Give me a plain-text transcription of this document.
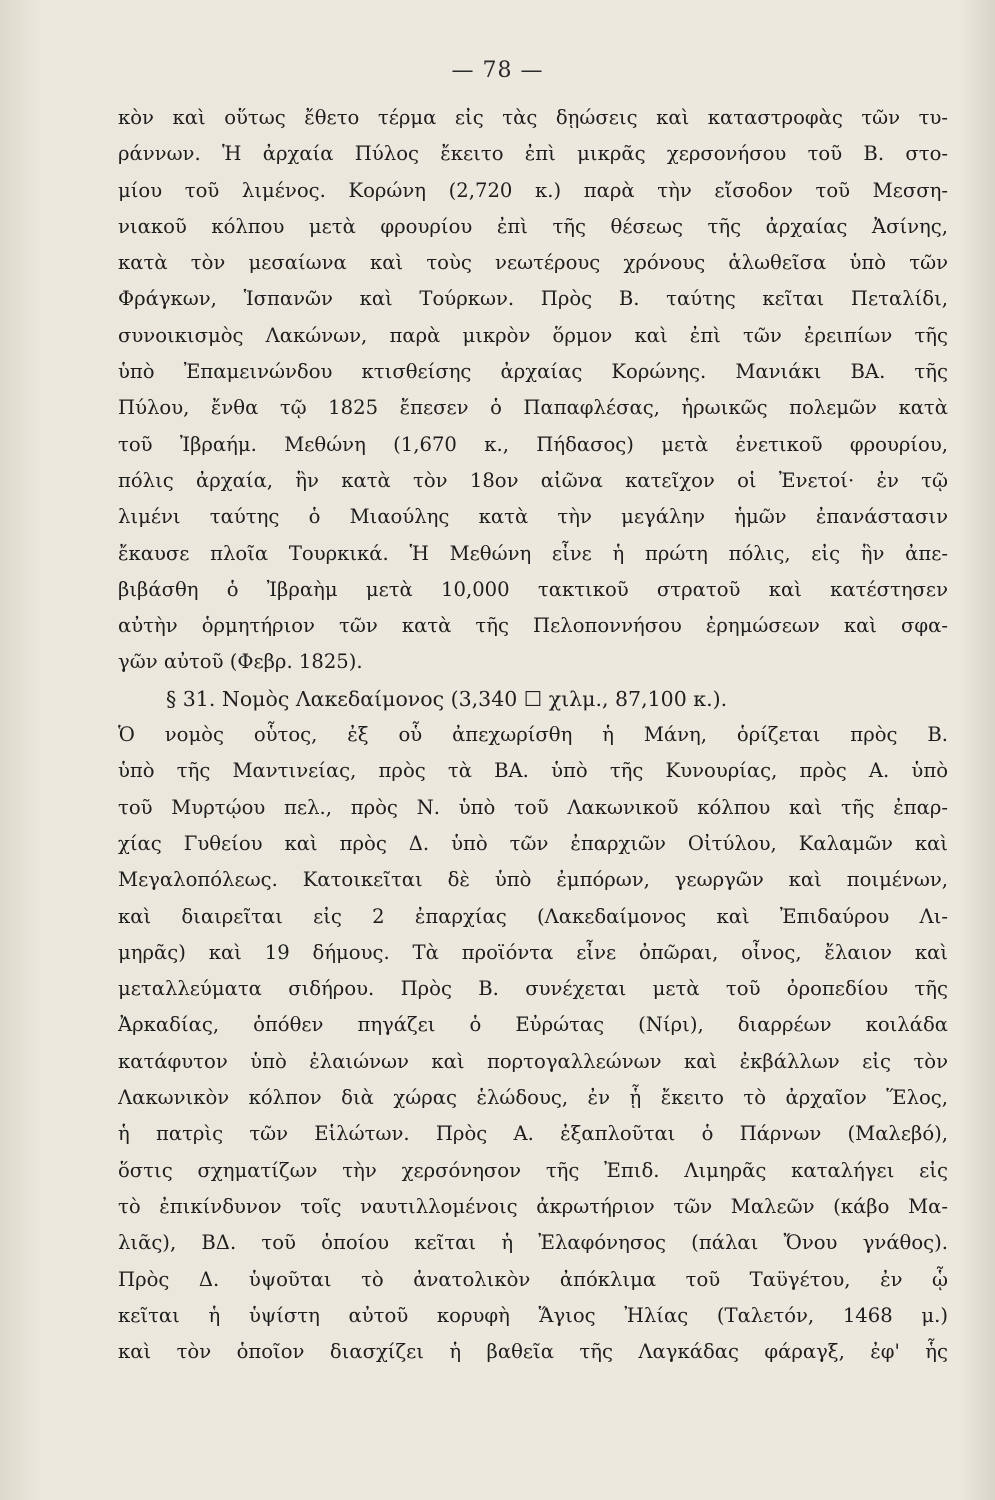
— 78 —
κὸν καὶ οὕτως ἔθετο τέρμα εἰς τὰς δῃώσεις καὶ καταστροφὰς τῶν τυ-
ράννων. Ἡ ἀρχαία Πύλος ἔκειτο ἐπὶ μικρᾶς χερσονήσου τοῦ Β. στο-
μίου τοῦ λιμένος. Κορώνη (2,720 κ.) παρὰ τὴν εἴσοδον τοῦ Μεσση-
νιακοῦ κόλπου μετὰ φρουρίου ἐπὶ τῆς θέσεως τῆς ἀρχαίας Ἀσίνης,
κατὰ τὸν μεσαίωνα καὶ τοὺς νεωτέρους χρόνους ἁλωθεῖσα ὑπὸ τῶν
Φράγκων, Ἱσπανῶν καὶ Τούρκων. Πρὸς Β. ταύτης κεῖται Πεταλίδι,
συνοικισμὸς Λακώνων, παρὰ μικρὸν ὅρμον καὶ ἐπὶ τῶν ἐρειπίων τῆς
ὑπὸ Ἐπαμεινώνδου κτισθείσης ἀρχαίας Κορώνης. Μανιάκι ΒΑ. τῆς
Πύλου, ἔνθα τῷ 1825 ἔπεσεν ὁ Παπαφλέσας, ἡρωικῶς πολεμῶν κατὰ
τοῦ Ἰβραήμ. Μεθώνη (1,670 κ., Πήδασος) μετὰ ἐνετικοῦ φρουρίου,
πόλις ἀρχαία, ἣν κατὰ τὸν 18ον αἰῶνα κατεῖχον οἱ Ἐνετοί· ἐν τῷ
λιμένι ταύτης ὁ Μιαούλης κατὰ τὴν μεγάλην ἡμῶν ἐπανάστασιν
ἔκαυσε πλοῖα Τουρκικά. Ἡ Μεθώνη εἶνε ἡ πρώτη πόλις, εἰς ἣν ἀπε-
βιβάσθη ὁ Ἰβραὴμ μετὰ 10,000 τακτικοῦ στρατοῦ καὶ κατέστησεν
αὐτὴν ὁρμητήριον τῶν κατὰ τῆς Πελοποννήσου ἐρημώσεων καὶ σφα-
γῶν αὐτοῦ (Φεβρ. 1825).
§ 31. Νομὸς Λακεδαίμονος (3,340 ☐ χιλμ., 87,100 κ.).
Ὁ νομὸς οὗτος, ἐξ οὗ ἀπεχωρίσθη ἡ Μάνη, ὁρίζεται πρὸς Β.
ὑπὸ τῆς Μαντινείας, πρὸς τὰ ΒΑ. ὑπὸ τῆς Κυνουρίας, πρὸς Α. ὑπὸ
τοῦ Μυρτῴου πελ., πρὸς Ν. ὑπὸ τοῦ Λακωνικοῦ κόλπου καὶ τῆς ἐπαρ-
χίας Γυθείου καὶ πρὸς Δ. ὑπὸ τῶν ἐπαρχιῶν Οἰτύλου, Καλαμῶν καὶ
Μεγαλοπόλεως. Κατοικεῖται δὲ ὑπὸ ἐμπόρων, γεωργῶν καὶ ποιμένων,
καὶ διαιρεῖται εἰς 2 ἐπαρχίας (Λακεδαίμονος καὶ Ἐπιδαύρου Λι-
μηρᾶς) καὶ 19 δήμους. Τὰ προϊόντα εἶνε ὀπῶραι, οἶνος, ἔλαιον καὶ
μεταλλεύματα σιδήρου. Πρὸς Β. συνέχεται μετὰ τοῦ ὀροπεδίου τῆς
Ἀρκαδίας, ὁπόθεν πηγάζει ὁ Εὐρώτας (Νίρι), διαρρέων κοιλάδα
κατάφυτον ὑπὸ ἐλαιώνων καὶ πορτογαλλεώνων καὶ ἐκβάλλων εἰς τὸν
Λακωνικὸν κόλπον διὰ χώρας ἑλώδους, ἐν ᾗ ἔκειτο τὸ ἀρχαῖον Ἕλος,
ἡ πατρὶς τῶν Εἱλώτων. Πρὸς Α. ἐξαπλοῦται ὁ Πάρνων (Μαλεβό),
ὅστις σχηματίζων τὴν χερσόνησον τῆς Ἐπιδ. Λιμηρᾶς καταλήγει εἰς
τὸ ἐπικίνδυνον τοῖς ναυτιλλομένοις ἀκρωτήριον τῶν Μαλεῶν (κάβο Μα-
λιᾶς), ΒΔ. τοῦ ὁποίου κεῖται ἡ Ἐλαφόνησος (πάλαι Ὄνου γνάθος).
Πρὸς Δ. ὑψοῦται τὸ ἀνατολικὸν ἀπόκλιμα τοῦ Ταϋγέτου, ἐν ᾧ
κεῖται ἡ ὑψίστη αὐτοῦ κορυφὴ Ἅγιος Ἠλίας (Ταλετόν, 1468 μ.)
καὶ τὸν ὁποῖον διασχίζει ἡ βαθεῖα τῆς Λαγκάδας φάραγξ, ἐφ' ἧς
